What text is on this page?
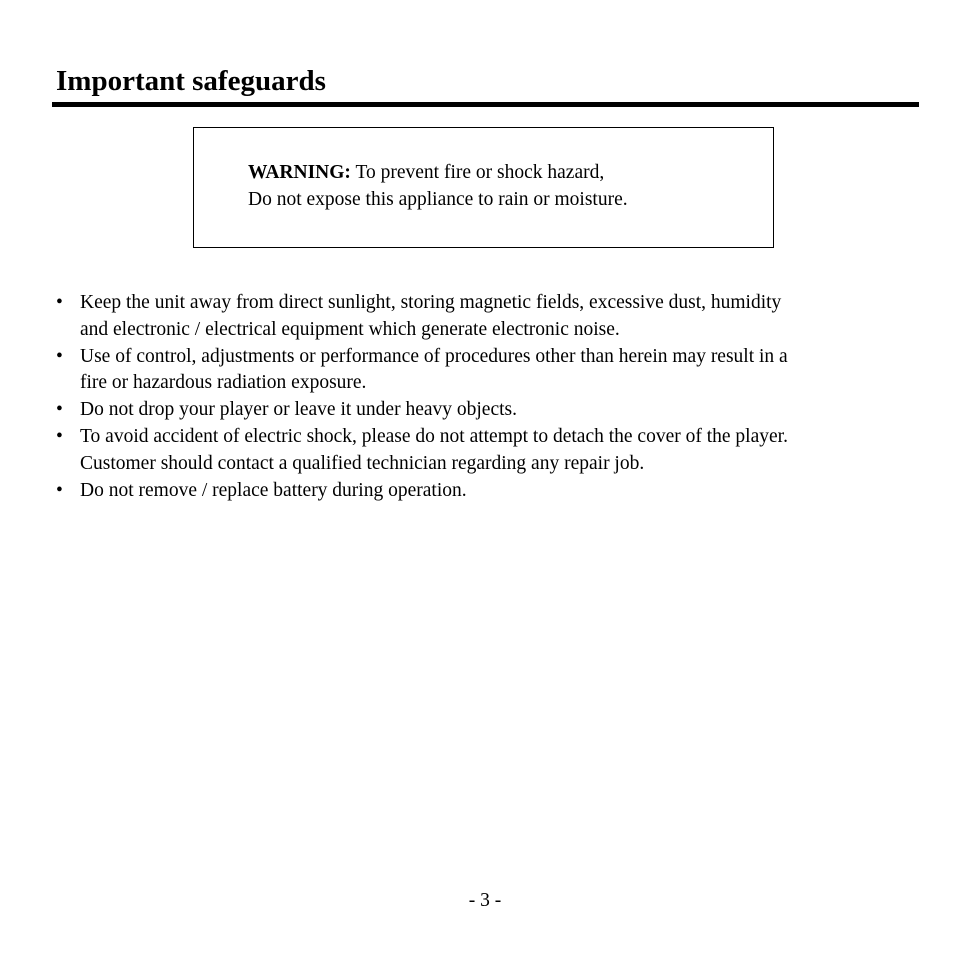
Important safeguards
WARNING: To prevent fire or shock hazard,
Do not expose this appliance to rain or moisture.
• Keep the unit away from direct sunlight, storing magnetic fields, excessive dust, humidity
and electronic / electrical equipment which generate electronic noise.
• Use of control, adjustments or performance of procedures other than herein may result in a
fire or hazardous radiation exposure.
• Do not drop your player or leave it under heavy objects.
• To avoid accident of electric shock, please do not attempt to detach the cover of the player.
Customer should contact a qualified technician regarding any repair job.
• Do not remove / replace battery during operation.
- 3 -
